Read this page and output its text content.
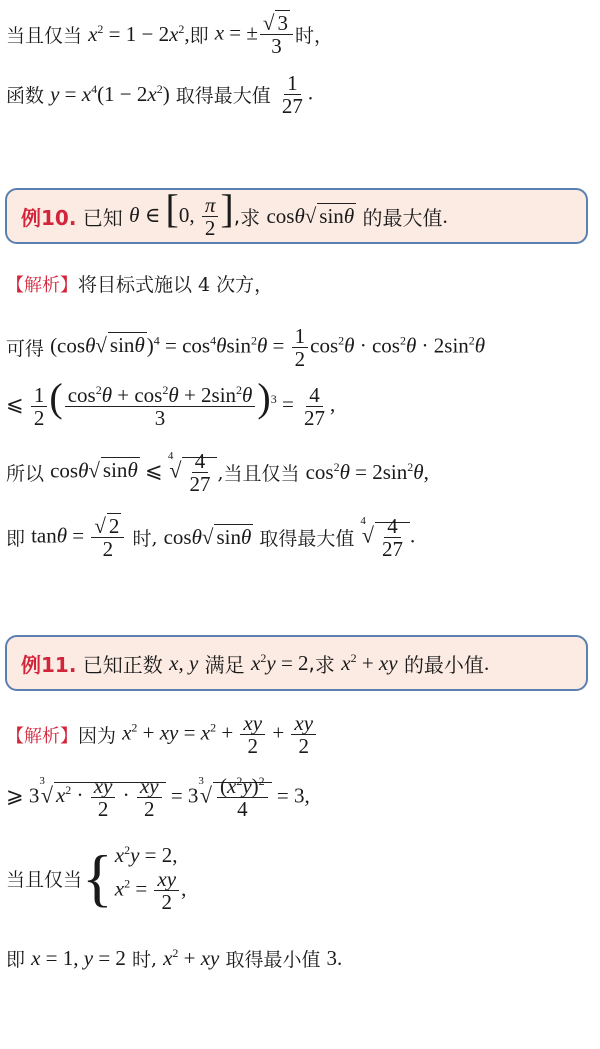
当且仅当
$x^2 = 1 - 2x^2$, 即
x = ± $\frac{√ 3}{3}$ 时 ，
函数
$y = x^4(1 - 2x^2)$
取得最大值
$\frac{1}{27}$ .
例10.
已知
θ ∈ [0, $\frac{\pi}{2}$ ] , 求
cosθ√ sinθ
的最大值 .
【解析】 将目标式施以 4 次方，
可得
(cosθ√ $\sin\theta)^4 = \cos^4\theta\sin^2\theta = \frac{1}{2} \cos^2\theta \cdot \cos^2\theta \cdot 2\sin^2\theta$
⩽ $\frac{1}{2}$ ( $\frac{\cos^2\theta + \cos^2\theta + 2\sin^2\theta}{3} )^3 = \frac{4}{27}$ ,
所以
cosθ√ sinθ ⩽ $^4√ \frac{4}{27}$ , 当且仅当
$\cos^2\theta = 2\sin^2\theta$,
即
$\tan\theta = \frac{√ 2}{2}$
时 , cosθ√ sinθ
取得最大值

$^4√ \frac{4}{27}$ .
例11.
已知 正数
x, y
满足
$x^2y = 2$ , 求
$x^2$ + xy
的最小值 .
【解析】 因为
$x^2$ + xy = $x^2 + \frac{xy}{2} + \frac{xy}{2}$
⩾ $3^3√$ $x^2 \cdot \frac{xy}{2} \cdot \frac{xy}{2} = 3^3√ \frac{(x^2y)^2}{4} = 3$,
当且仅当 { $x^2y = 2$,
$x^2 = \frac{xy}{2}$ ,
即
x = 1, y = 2
时 , $x^2$ + xy
取得最小值
3.
